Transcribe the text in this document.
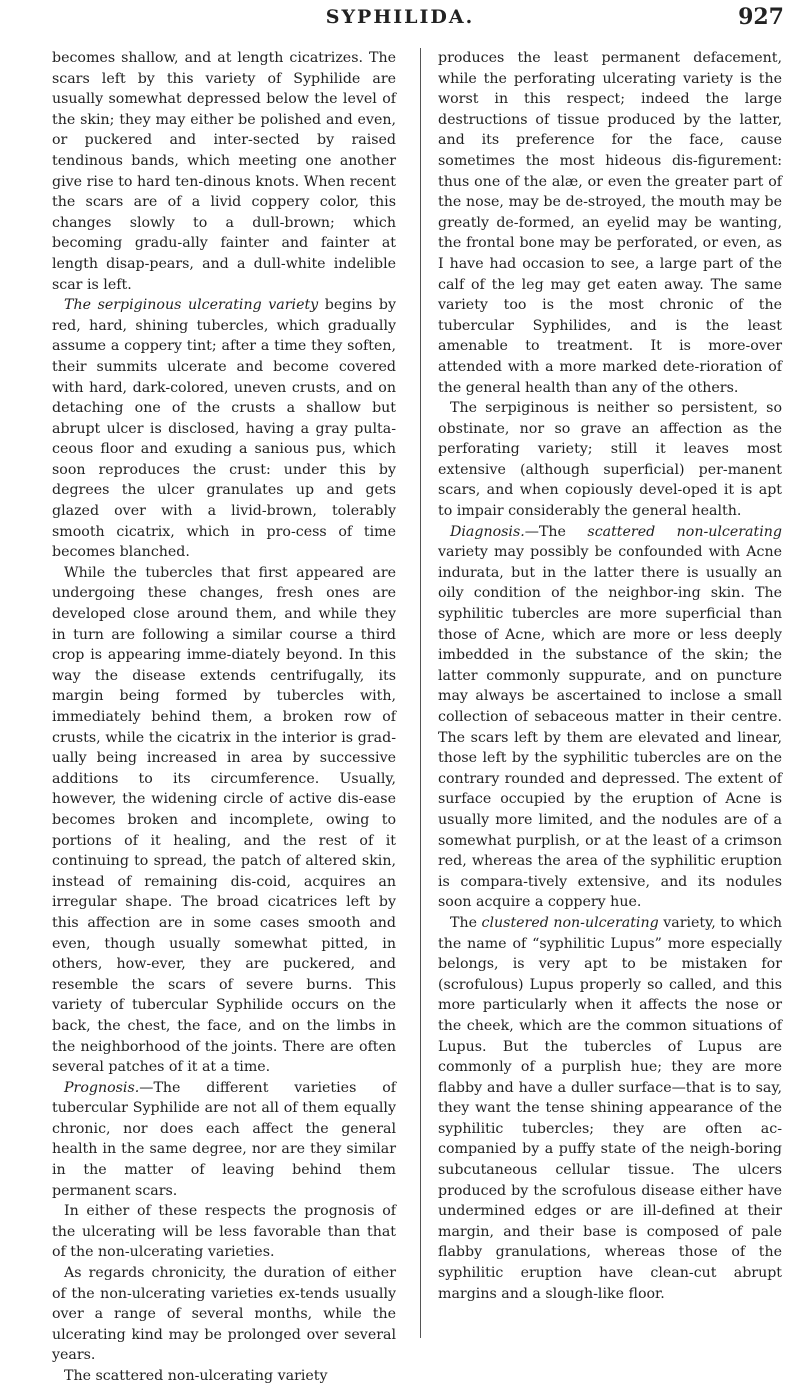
SYPHILIDA.	927

becomes shallow, and at length cicatrizes. The scars left by this variety of Syphilide are usually somewhat depressed below the level of the skin; they may either be polished and even, or puckered and inter-sected by raised tendinous bands, which meeting one another give rise to hard ten-dinous knots. When recent the scars are of a livid coppery color, this changes slowly to a dull-brown; which becoming gradu-ally fainter and fainter at length disap-pears, and a dull-white indelible scar is left.

The serpiginous ulcerating variety begins by red, hard, shining tubercles, which gradually assume a coppery tint; after a time they soften, their summits ulcerate and become covered with hard, dark-colored, uneven crusts, and on detaching one of the crusts a shallow but abrupt ulcer is disclosed, having a gray pulta-ceous floor and exuding a sanious pus, which soon reproduces the crust: under this by degrees the ulcer granulates up and gets glazed over with a livid-brown, tolerably smooth cicatrix, which in pro-cess of time becomes blanched.

While the tubercles that first appeared are undergoing these changes, fresh ones are developed close around them, and while they in turn are following a similar course a third crop is appearing imme-diately beyond. In this way the disease extends centrifugally, its margin being formed by tubercles with, immediately behind them, a broken row of crusts, while the cicatrix in the interior is grad-ually being increased in area by successive additions to its circumference. Usually, however, the widening circle of active dis-ease becomes broken and incomplete, owing to portions of it healing, and the rest of it continuing to spread, the patch of altered skin, instead of remaining dis-coid, acquires an irregular shape. The broad cicatrices left by this affection are in some cases smooth and even, though usually somewhat pitted, in others, how-ever, they are puckered, and resemble the scars of severe burns. This variety of tubercular Syphilide occurs on the back, the chest, the face, and on the limbs in the neighborhood of the joints. There are often several patches of it at a time.

Prognosis.—The different varieties of tubercular Syphilide are not all of them equally chronic, nor does each affect the general health in the same degree, nor are they similar in the matter of leaving behind them permanent scars.

In either of these respects the prognosis of the ulcerating will be less favorable than that of the non-ulcerating varieties.

As regards chronicity, the duration of either of the non-ulcerating varieties ex-tends usually over a range of several months, while the ulcerating kind may be prolonged over several years.

The scattered non-ulcerating variety

produces the least permanent defacement, while the perforating ulcerating variety is the worst in this respect; indeed the large destructions of tissue produced by the latter, and its preference for the face, cause sometimes the most hideous dis-figurement: thus one of the alæ, or even the greater part of the nose, may be de-stroyed, the mouth may be greatly de-formed, an eyelid may be wanting, the frontal bone may be perforated, or even, as I have had occasion to see, a large part of the calf of the leg may get eaten away. The same variety too is the most chronic of the tubercular Syphilides, and is the least amenable to treatment. It is more-over attended with a more marked dete-rioration of the general health than any of the others.

The serpiginous is neither so persistent, so obstinate, nor so grave an affection as the perforating variety; still it leaves most extensive (although superficial) per-manent scars, and when copiously devel-oped it is apt to impair considerably the general health.

Diagnosis.—The scattered non-ulcerating variety may possibly be confounded with Acne indurata, but in the latter there is usually an oily condition of the neighbor-ing skin. The syphilitic tubercles are more superficial than those of Acne, which are more or less deeply imbedded in the substance of the skin; the latter commonly suppurate, and on puncture may always be ascertained to inclose a small collection of sebaceous matter in their centre. The scars left by them are elevated and linear, those left by the syphilitic tubercles are on the contrary rounded and depressed. The extent of surface occupied by the eruption of Acne is usually more limited, and the nodules are of a somewhat purplish, or at the least of a crimson red, whereas the area of the syphilitic eruption is compara-tively extensive, and its nodules soon acquire a coppery hue.

The clustered non-ulcerating variety, to which the name of “syphilitic Lupus” more especially belongs, is very apt to be mistaken for (scrofulous) Lupus properly so called, and this more particularly when it affects the nose or the cheek, which are the common situations of Lupus. But the tubercles of Lupus are commonly of a purplish hue; they are more flabby and have a duller surface—that is to say, they want the tense shining appearance of the syphilitic tubercles; they are often ac-companied by a puffy state of the neigh-boring subcutaneous cellular tissue. The ulcers produced by the scrofulous disease either have undermined edges or are ill-defined at their margin, and their base is composed of pale flabby granulations, whereas those of the syphilitic eruption have clean-cut abrupt margins and a slough-like floor.
